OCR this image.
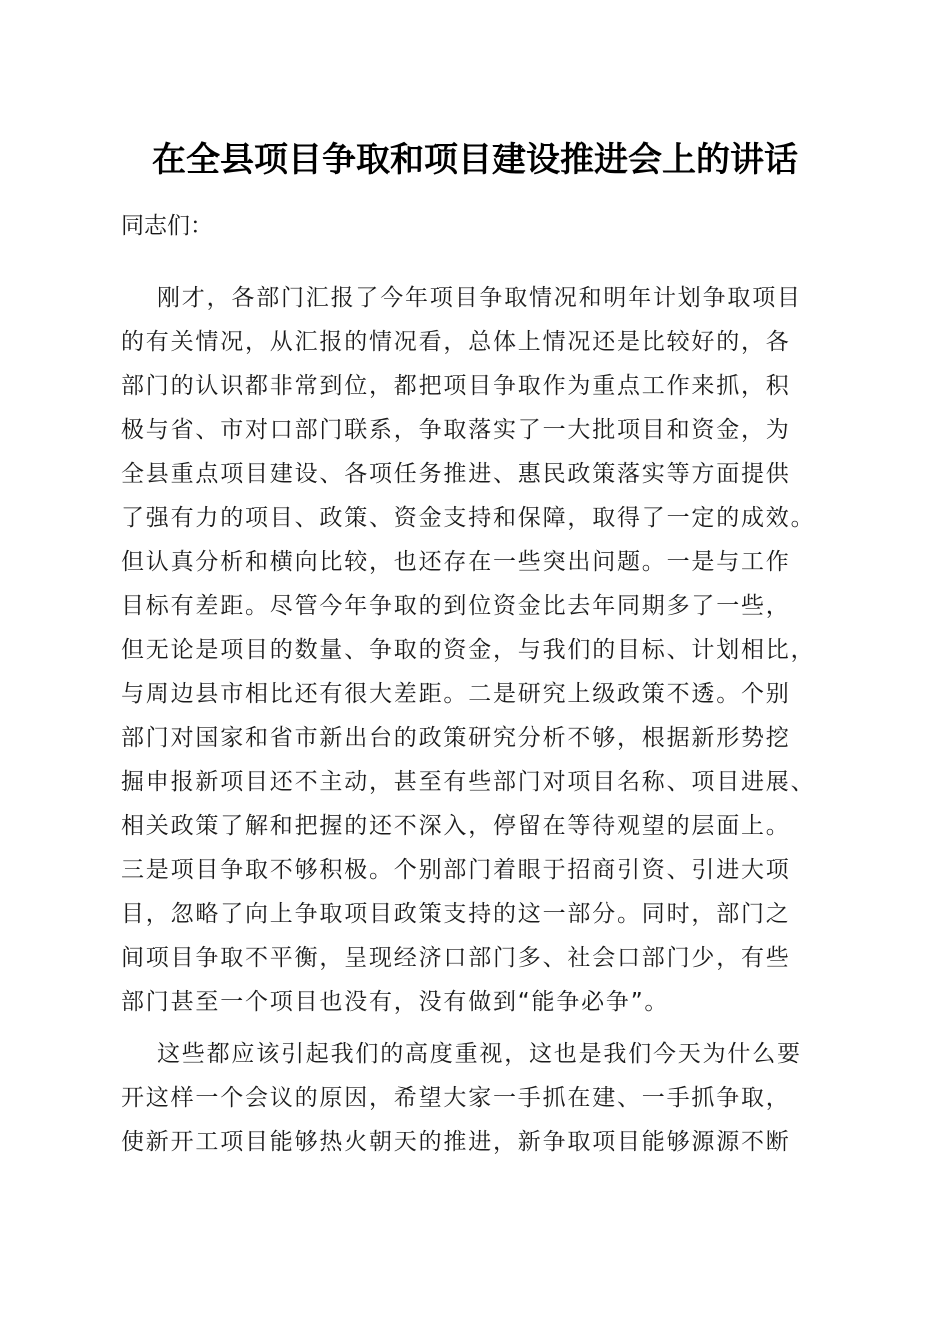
在全县项目争取和项目建设推进会上的讲话
同志们：
刚才，各部门汇报了今年项目争取情况和明年计划争取项目
的有关情况，从汇报的情况看，总体上情况还是比较好的，各
部门的认识都非常到位，都把项目争取作为重点工作来抓，积
极与省、市对口部门联系，争取落实了一大批项目和资金，为
全县重点项目建设、各项任务推进、惠民政策落实等方面提供
了强有力的项目、政策、资金支持和保障，取得了一定的成效。
但认真分析和横向比较，也还存在一些突出问题。一是与工作
目标有差距。尽管今年争取的到位资金比去年同期多了一些，
但无论是项目的数量、争取的资金，与我们的目标、计划相比，
与周边县市相比还有很大差距。二是研究上级政策不透。个别
部门对国家和省市新出台的政策研究分析不够，根据新形势挖
掘申报新项目还不主动，甚至有些部门对项目名称、项目进展、
相关政策了解和把握的还不深入，停留在等待观望的层面上。
三是项目争取不够积极。个别部门着眼于招商引资、引进大项
目，忽略了向上争取项目政策支持的这一部分。同时，部门之
间项目争取不平衡，呈现经济口部门多、社会口部门少，有些
部门甚至一个项目也没有，没有做到“能争必争”。
这些都应该引起我们的高度重视，这也是我们今天为什么要
开这样一个会议的原因，希望大家一手抓在建、一手抓争取，
使新开工项目能够热火朝天的推进，新争取项目能够源源不断
